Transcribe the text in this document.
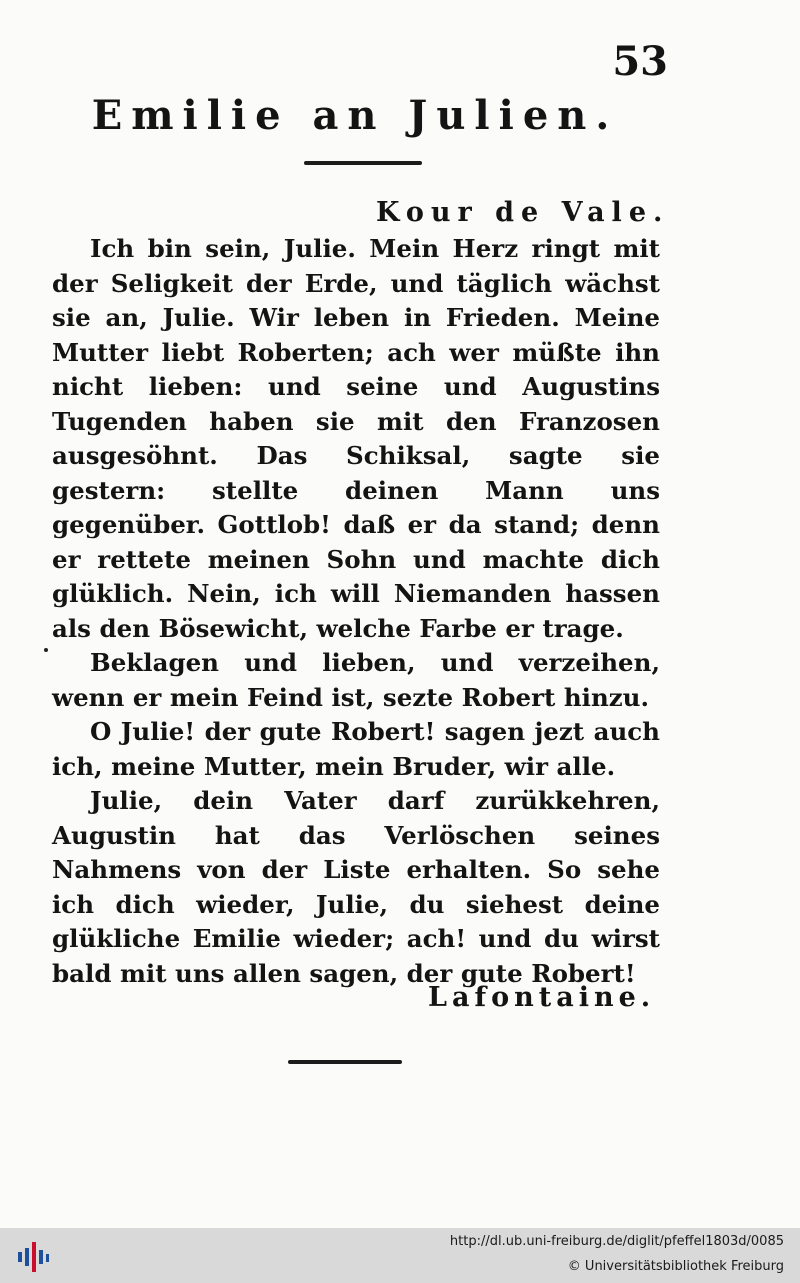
53
Emilie an Julien.
Kour de Vale.

Ich bin sein, Julie. Mein Herz ringt mit der Seligkeit der Erde, und täglich wächst sie an, Julie. Wir leben in Frieden. Meine Mutter liebt Roberten; ach wer müßte ihn nicht lieben: und seine und Augustins Tugenden haben sie mit den Franzosen ausgesöhnt. Das Schiksal, sagte sie gestern: stellte deinen Mann uns gegenüber. Gottlob! daß er da stand; denn er rettete meinen Sohn und machte dich glüklich. Nein, ich will Niemanden hassen als den Bösewicht, welche Farbe er trage.

Beklagen und lieben, und verzeihen, wenn er mein Feind ist, sezte Robert hinzu.

O Julie! der gute Robert! sagen jezt auch ich, meine Mutter, mein Bruder, wir alle.

Julie, dein Vater darf zurükkehren, Augustin hat das Verlöschen seines Nahmens von der Liste erhalten. So sehe ich dich wieder, Julie, du siehest deine glükliche Emilie wieder; ach! und du wirst bald mit uns allen sagen, der gute Robert!

Lafontaine.
http://dl.ub.uni-freiburg.de/diglit/pfeffel1803d/0085
© Universitätsbibliothek Freiburg
